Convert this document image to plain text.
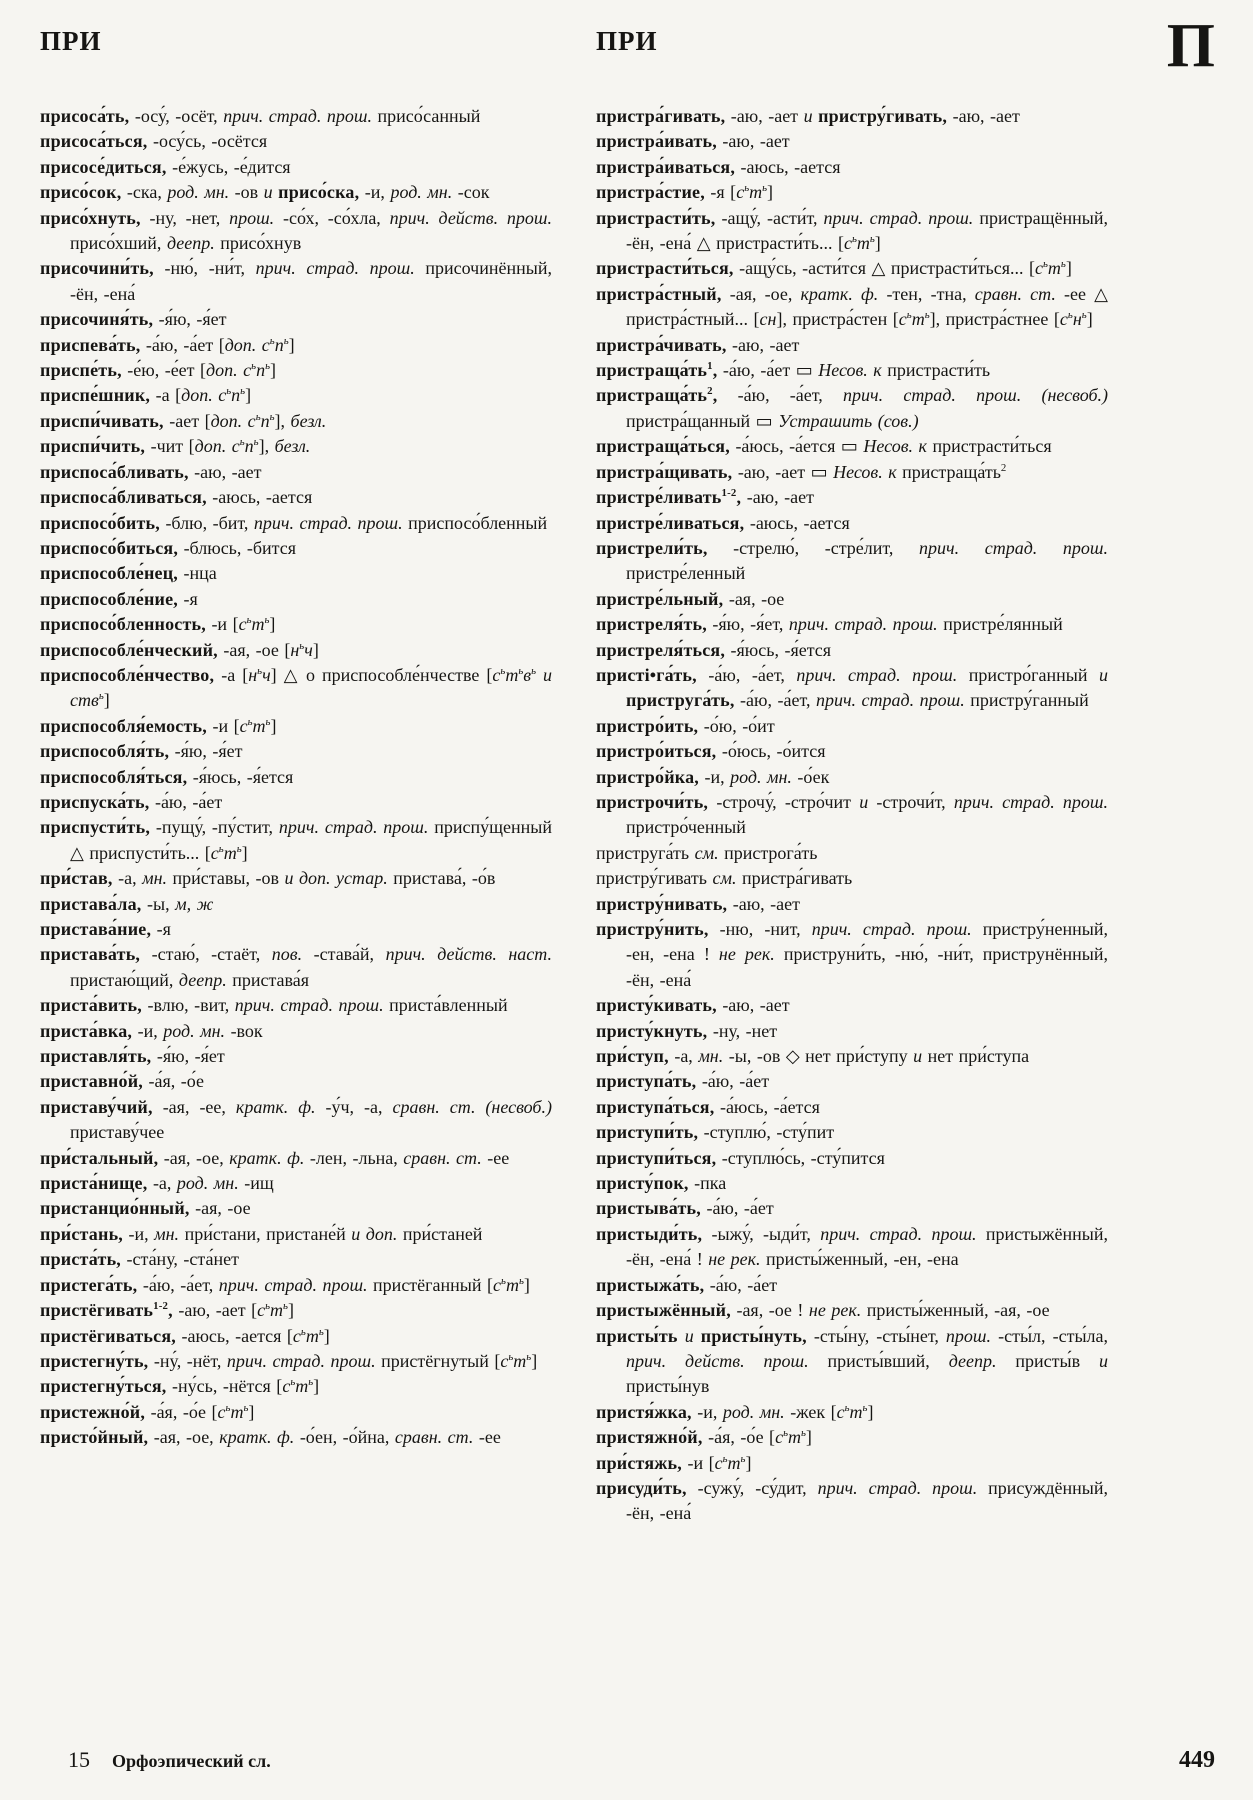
ПРИ	ПРИ	П
присоса́ть, -осу́, -осёт, прич. страд. прош. присо́санный
присоса́ться, -осу́сь, -осётся
присосе́диться, -е́жусь, -е́дится
присо́сок, -ска, род. мн. -ов и присо́ска, -и, род. мн. -сок
присо́хнуть, -ну, -нет, прош. -со́х, -со́хла, прич. действ. прош. присо́хший, деепр. присо́хнув
присочини́ть, -ню́, -ни́т, прич. страд. прош. присочинённый, -ён, -ена́
присочиня́ть, -я́ю, -я́ет
приспева́ть, -а́ю, -а́ет [доп. $с^ьп^ь$]
приспе́ть, -е́ю, -е́ет [доп. $с^ьп^ь$]
приспе́шник, -а [доп. $с^ьп^ь$]
приспи́чивать, -ает [доп. $с^ьп^ь$], безл.
приспи́чить, -чит [доп. $с^ьп^ь$], безл.
приспоса́бливать, -аю, -ает
приспоса́бливаться, -аюсь, -ается
приспосо́бить, -блю, -бит, прич. страд. прош. приспосо́бленный
приспосо́биться, -блюсь, -бится
приспособле́нец, -нца
приспособле́ние, -я
приспосо́бленность, -и $[с^ьт^ь]$
приспособле́нческий, -ая, -ое $[н^ьч]$
приспособле́нчество, -а $[н^ьч]$ △ о приспособле́нчестве [$с^ьт^ьв^ь$ и ств$^ь$]
приспособля́емость, -и $[с^ьт^ь]$
приспособля́ть, -я́ю, -я́ет
приспособля́ться, -я́юсь, -я́ется
приспуска́ть, -а́ю, -а́ет
приспусти́ть, -пущу́, -пу́стит, прич. страд. прош. приспу́щенный △ приспусти́ть... $[с^ьт^ь]$
при́став, -а, мн. при́ставы, -ов и доп. устар. пристава́, -о́в
пристава́ла, -ы, м, ж
пристава́ние, -я
пристава́ть, -стаю́, -стаёт, пов. -става́й, прич. действ. наст. пристаю́щий, деепр. пристава́я
приста́вить, -влю, -вит, прич. страд. прош. приста́вленный
приста́вка, -и, род. мн. -вок
приставля́ть, -я́ю, -я́ет
приставно́й, -а́я, -о́е
приставу́чий, -ая, -ее, кратк. ф. -у́ч, -а, сравн. ст. (несвоб.) приставу́чее
при́стальный, -ая, -ое, кратк. ф. -лен, -льна, сравн. ст. -ее
приста́нище, -а, род. мн. -ищ
пристанцио́нный, -ая, -ое
при́стань, -и, мн. при́стани, пристане́й и доп. при́станей
приста́ть, -ста́ну, -ста́нет
пристега́ть, -а́ю, -а́ет, прич. страд. прош. пристёганный $[с^ьт^ь]$
пристёгивать$^{1-2}$, -аю, -ает $[с^ьт^ь]$
пристёгиваться, -аюсь, -ается $[с^ьт^ь]$
пристегну́ть, -ну́, -нёт, прич. страд. прош. пристёгнутый $[с^ьт^ь]$
пристегну́ться, -ну́сь, -нётся $[с^ьт^ь]$
пристежно́й, -а́я, -о́е $[с^ьт^ь]$
присто́йный, -ая, -ое, кратк. ф. -о́ен, -о́йна, сравн. ст. -ее
пристра́гивать, -аю, -ает и пристру́гивать, -аю, -ает
пристра́ивать, -аю, -ает
пристра́иваться, -аюсь, -ается
пристра́стие, -я $[с^ьт^ь]$
пристрасти́ть, -ащу́, -асти́т, прич. страд. прош. пристращённый, -ён, -ена́ △ пристрасти́ть... $[с^ьт^ь]$
пристрасти́ться, -ащу́сь, -асти́тся △ пристрасти́ться... $[с^ьт^ь]$
пристра́стный, -ая, -ое, кратк. ф. -тен, -тна, сравн. ст. -ее △ пристра́стный... [сн], пристра́стен $[с^ьт^ь]$, пристра́стнее $[с^ьн^ь]$
пристра́чивать, -аю, -ает
$пристраща́ть^1$, -а́ю, -а́ет ▭ Несов. к пристрасти́ть
$пристраща́ть^2$, -а́ю, -а́ет, прич. страд. прош. (несвоб.) пристра́щанный ▭ Устрашить (сов.)
пристраща́ться, -а́юсь, -а́ется ▭ Несов. к пристрасти́ться
пристра́щивать, -аю, -ает ▭ Несов. к $пристраща́ть^2$
пристре́ливать$^{1-2}$, -аю, -ает
пристре́ливаться, -аюсь, -ается
пристрели́ть, -стрелю́, -стре́лит, прич. страд. прош. пристре́ленный
пристре́льный, -ая, -ое
пристреля́ть, -я́ю, -я́ет, прич. страд. прош. пристре́лянный
пристреля́ться, -я́юсь, -я́ется
присті•га́ть, -а́ю, -а́ет, прич. страд. прош. пристро́ганный и приструга́ть, -а́ю, -а́ет, прич. страд. прош. пристру́ганный
пристро́ить, -о́ю, -о́ит
пристро́иться, -о́юсь, -о́ится
пристро́йка, -и, род. мн. -о́ек
пристрочи́ть, -строчу́, -стро́чит и -строчи́т, прич. страд. прош. пристро́ченный
приструга́ть см. пристрога́ть
пристру́гивать см. пристра́гивать
пристру́нивать, -аю, -ает
пристру́нить, -ню, -нит, прич. страд. прош. пристру́ненный, -ен, -ена ! не рек. приструни́ть, -ню́, -ни́т, приструнённый, -ён, -ена́
присту́кивать, -аю, -ает
присту́кнуть, -ну, -нет
при́ступ, -а, мн. -ы, -ов ◇ нет при́ступу и нет при́ступа
приступа́ть, -а́ю, -а́ет
приступа́ться, -а́юсь, -а́ется
приступи́ть, -ступлю́, -сту́пит
приступи́ться, -ступлю́сь, -сту́пится
присту́пок, -пка
пристыва́ть, -а́ю, -а́ет
пристыди́ть, -ыжу́, -ыди́т, прич. страд. прош. пристыжённый, -ён, -ена́ ! не рек. присты́женный, -ен, -ена
пристыжа́ть, -а́ю, -а́ет
пристыжённый, -ая, -ое ! не рек. присты́женный, -ая, -ое
присты́ть и присты́нуть, -сты́ну, -сты́нет, прош. -сты́л, -сты́ла, прич. действ. прош. присты́вший, деепр. присты́в и присты́нув
пристя́жка, -и, род. мн. -жек $[с^ьт^ь]$
пристяжно́й, -а́я, -о́е $[с^ьт^ь]$
при́стяжь, -и $[с^ьт^ь]$
присуди́ть, -сужу́, -су́дит, прич. страд. прош. присуждённый, -ён, -ена́
15 Орфоэпический сл.	449
